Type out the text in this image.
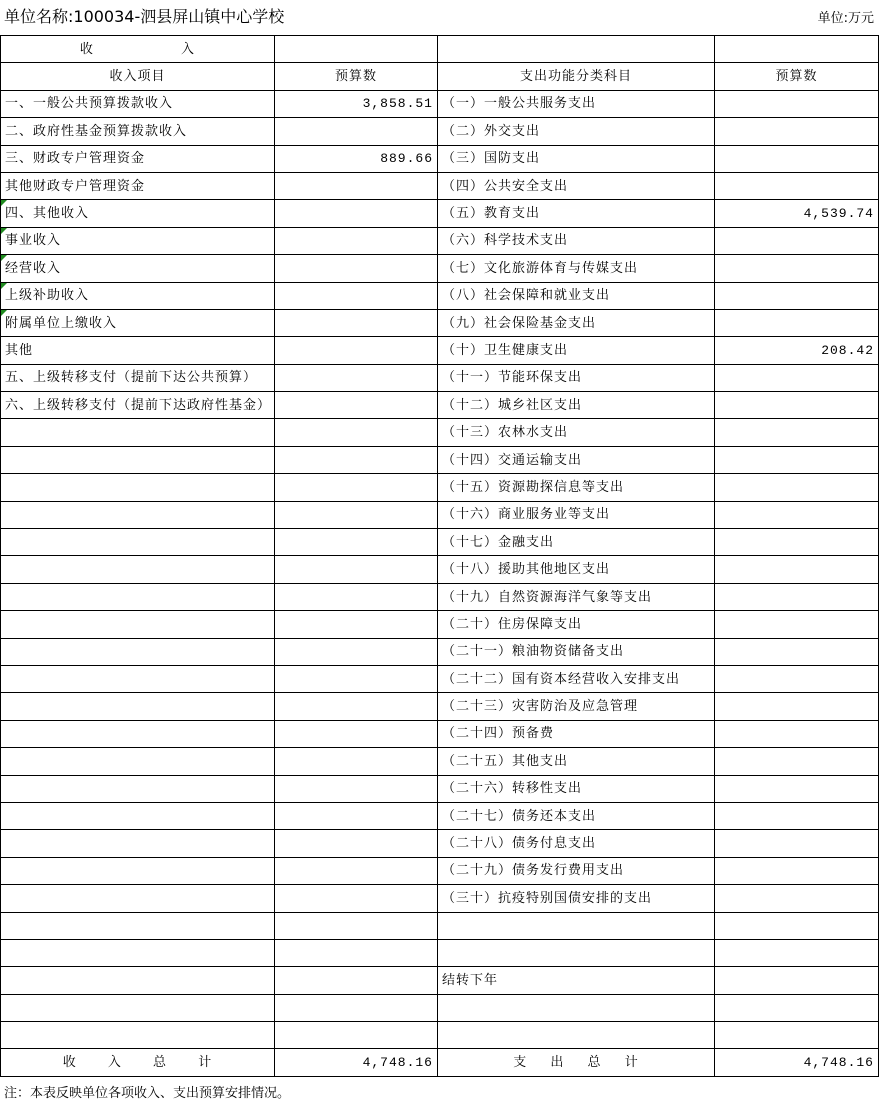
单位名称:100034-泗县屏山镇中心学校	单位:万元
收 入			
收入项目	预算数	支出功能分类科目	预算数
一、一般公共预算拨款收入	3,858.51	（一）一般公共服务支出	
二、政府性基金预算拨款收入		（二）外交支出	
三、财政专户管理资金	889.66	（三）国防支出	
其他财政专户管理资金		（四）公共安全支出	

四、其他收入		（五）教育支出	4,539.74

事业收入		（六）科学技术支出	

经营收入		（七）文化旅游体育与传媒支出	

上级补助收入		（八）社会保障和就业支出	

附属单位上缴收入		（九）社会保险基金支出	
其他		（十）卫生健康支出	208.42
五、上级转移支付（提前下达公共预算）		（十一）节能环保支出	
六、上级转移支付（提前下达政府性基金）		（十二）城乡社区支出	
		（十三）农林水支出	
		（十四）交通运输支出	
		（十五）资源勘探信息等支出	
		（十六）商业服务业等支出	
		（十七）金融支出	
		（十八）援助其他地区支出	
		（十九）自然资源海洋气象等支出	
		（二十）住房保障支出	
		（二十一）粮油物资储备支出	
		（二十二）国有资本经营收入安排支出	
		（二十三）灾害防治及应急管理	
		（二十四）预备费	
		（二十五）其他支出	
		（二十六）转移性支出	
		（二十七）债务还本支出	
		（二十八）债务付息支出	
		（二十九）债务发行费用支出	
		（三十）抗疫特别国债安排的支出	

		结转下年	

收 入 总 计	4,748.16	支 出 总 计	4,748.16
注：本表反映单位各项收入、支出预算安排情况。
